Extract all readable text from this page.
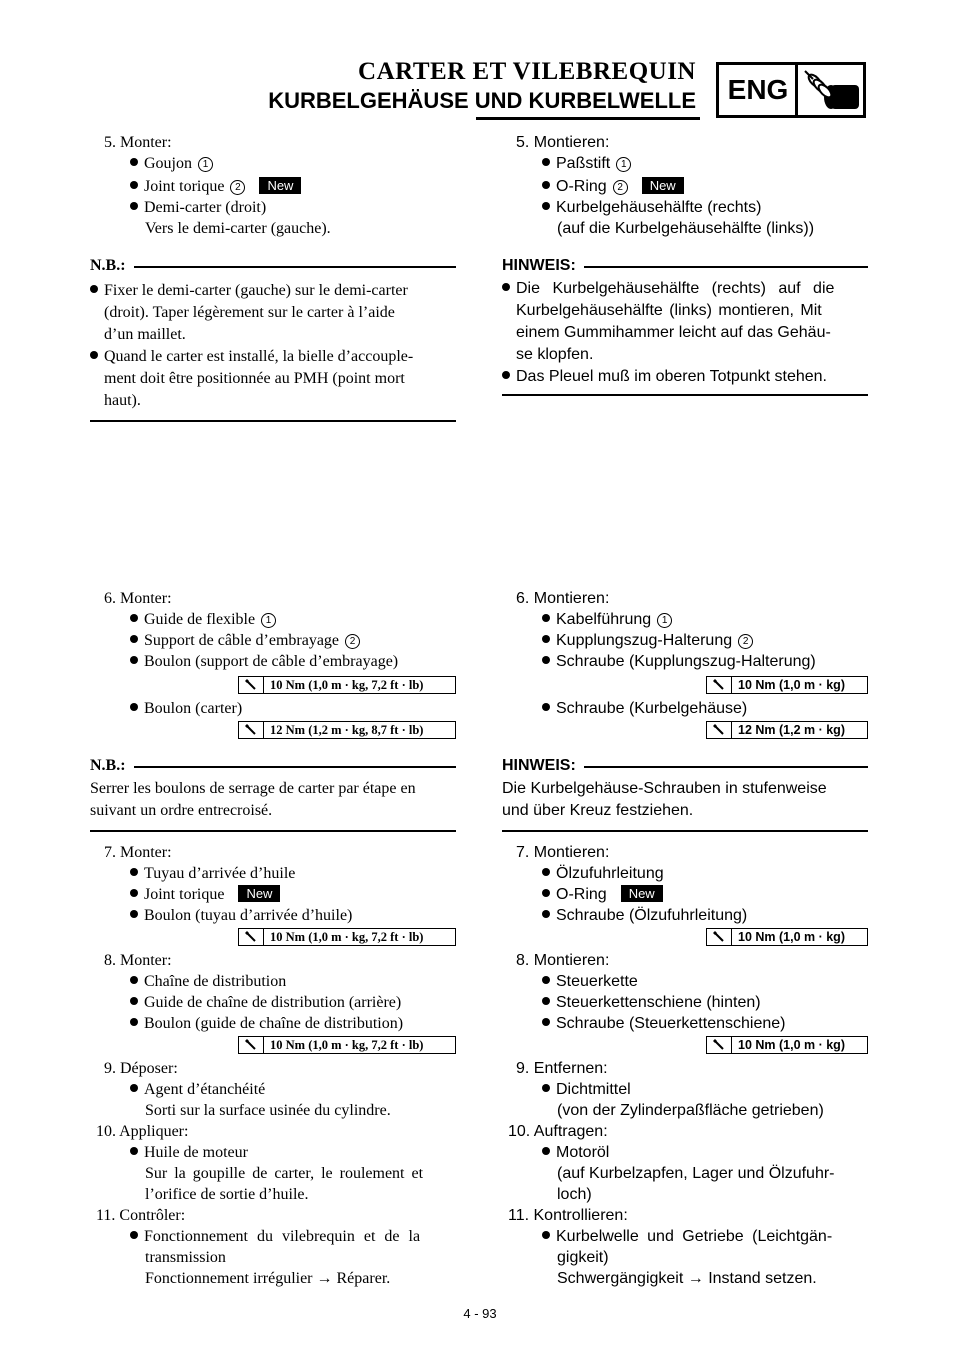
CARTER ET VILEBREQUIN
KURBELGEHÄUSE UND KURBELWELLE ENG
5. Monter:
Goujon 1
Joint torique 2 New
Demi-carter (droit)
Vers le demi-carter (gauche).
N.B.:
Fixer le demi-carter (gauche) sur le demi-carter
(droit). Taper légèrement sur le carter à l’aide
d’un maillet.
Quand le carter est installé, la bielle d’accouple-
ment doit être positionnée au PMH (point mort
haut).
6. Monter:
Guide de flexible 1
Support de câble d’embrayage 2
Boulon (support de câble d’embrayage)
10 Nm (1,0 m · kg, 7,2 ft · lb)
Boulon (carter)
12 Nm (1,2 m · kg, 8,7 ft · lb)
N.B.:
Serrer les boulons de serrage de carter par étape en
suivant un ordre entrecroisé.
7. Monter:
Tuyau d’arrivée d’huile
Joint torique New
Boulon (tuyau d’arrivée d’huile)
10 Nm (1,0 m · kg, 7,2 ft · lb)
8. Monter:
Chaîne de distribution
Guide de chaîne de distribution (arrière)
Boulon (guide de chaîne de distribution)
10 Nm (1,0 m · kg, 7,2 ft · lb)
9. Déposer:
Agent d’étanchéité
Sorti sur la surface usinée du cylindre.
10. Appliquer:
Huile de moteur
Sur la goupille de carter, le roulement et
l’orifice de sortie d’huile.
11. Contrôler:
Fonctionnement du vilebrequin et de la
transmission
Fonctionnement irrégulier → Réparer.
5. Montieren:
Paßstift 1
O-Ring 2 New
Kurbelgehäusehälfte (rechts)
(auf die Kurbelgehäusehälfte (links))
HINWEIS:
Die Kurbelgehäusehälfte (rechts) auf die
Kurbelgehäusehälfte (links) montieren, Mit
einem Gummihammer leicht auf das Gehäu-
se klopfen.
Das Pleuel muß im oberen Totpunkt stehen.
6. Montieren:
Kabelführung 1
Kupplungszug-Halterung 2
Schraube (Kupplungszug-Halterung)
10 Nm (1,0 m · kg)
Schraube (Kurbelgehäuse)
12 Nm (1,2 m · kg)
HINWEIS:
Die Kurbelgehäuse-Schrauben in stufenweise
und über Kreuz festziehen.
7. Montieren:
Ölzufuhrleitung
O-Ring New
Schraube (Ölzufuhrleitung)
10 Nm (1,0 m · kg)
8. Montieren:
Steuerkette
Steuerkettenschiene (hinten)
Schraube (Steuerkettenschiene)
10 Nm (1,0 m · kg)
9. Entfernen:
Dichtmittel
(von der Zylinderpaßfläche getrieben)
10. Auftragen:
Motoröl
(auf Kurbelzapfen, Lager und Ölzufuhr-
loch)
11. Kontrollieren:
Kurbelwelle und Getriebe (Leichtgän-
gigkeit)
Schwergängigkeit → Instand setzen.
4 - 93
